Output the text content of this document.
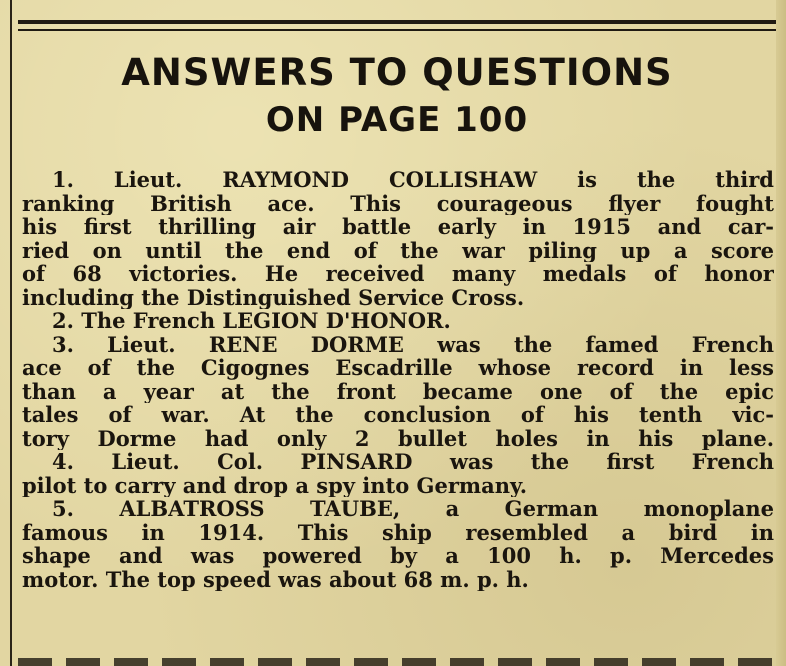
ANSWERS TO QUESTIONS
ON PAGE 100
1. Lieut. RAYMOND COLLISHAW is the third
ranking British ace. This courageous flyer fought
his first thrilling air battle early in 1915 and car-
ried on until the end of the war piling up a score
of 68 victories. He received many medals of honor
including the Distinguished Service Cross.
2. The French LEGION D'HONOR.
3. Lieut. RENE DORME was the famed French
ace of the Cigognes Escadrille whose record in less
than a year at the front became one of the epic
tales of war. At the conclusion of his tenth vic-
tory Dorme had only 2 bullet holes in his plane.
4. Lieut. Col. PINSARD was the first French
pilot to carry and drop a spy into Germany.
5. ALBATROSS TAUBE, a German monoplane
famous in 1914. This ship resembled a bird in
shape and was powered by a 100 h. p. Mercedes
motor. The top speed was about 68 m. p. h.
